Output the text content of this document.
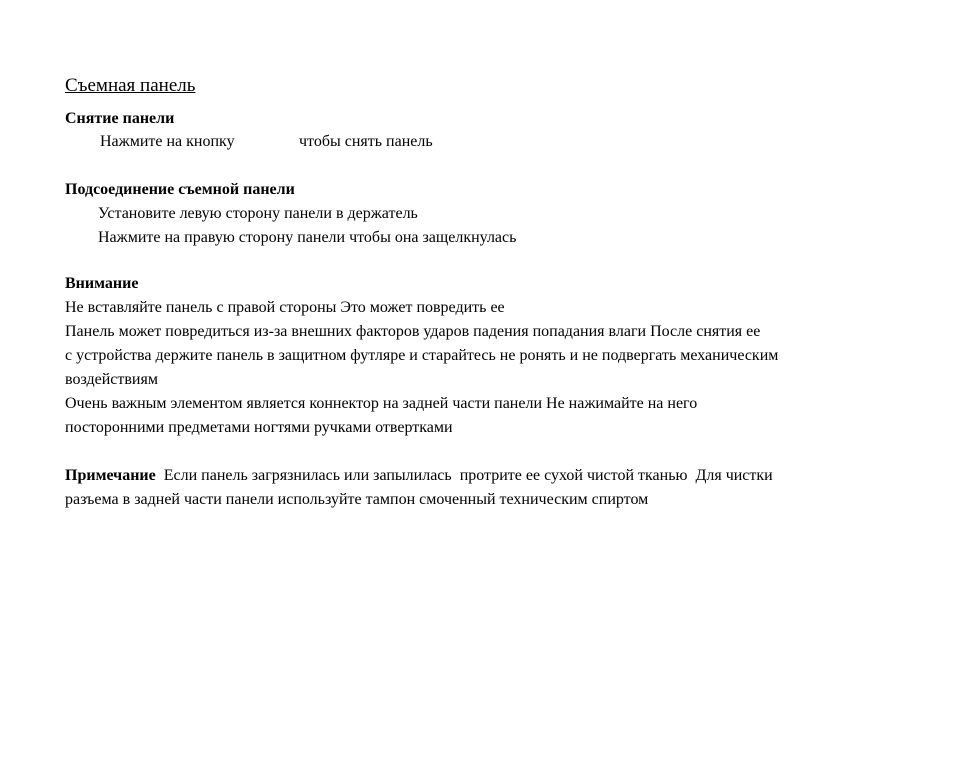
Съемная панель
Снятие панели
Нажмите на кнопку	чтобы снять панель
Подсоединение съемной панели
Установите левую сторону панели в держатель
Нажмите на правую сторону панели чтобы она защелкнулась
Внимание
Не вставляйте панель с правой стороны Это может повредить ее
Панель может повредиться из-за внешних факторов ударов падения попадания влаги После снятия ее
с устройства держите панель в защитном футляре и старайтесь не ронять и не подвергать механическим
воздействиям
Очень важным элементом является коннектор на задней части панели Не нажимайте на него
посторонними предметами ногтями ручками отвертками
Примечание  Если панель загрязнилась или запылилась  протрите ее сухой чистой тканью  Для чистки
разъема в задней части панели используйте тампон смоченный техническим спиртом
